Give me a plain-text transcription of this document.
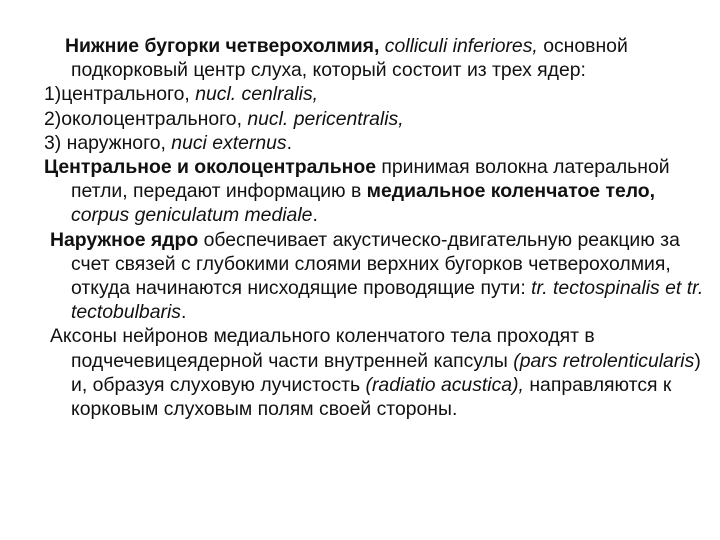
Нижние бугорки четверохолмия, colliculi inferiores, основной подкорковый центр слуха, который состоит из трех ядер:

1)центрального, nucl. cenlralis,

2)околоцентрального, nucl. pericentralis,

3) наружного, nuci externus.

Центральное и околоцентральное принимая волокна латеральной петли, передают информацию в медиальное коленчатое тело, corpus geniculatum mediale.

Наружное ядро обеспечивает акустическо-двигательную реакцию за счет связей с глубокими слоями верхних бугорков четверохолмия, откуда начинаются нисходящие проводящие пути: tr. tectospinalis et tr. tectobulbaris.

Аксоны нейронов медиального коленчатого тела проходят в подчечевицеядерной части внутренней капсулы (pars retrolenticularis) и, образуя слуховую лучистость (radiatio acustica), направляются к корковым слуховым полям своей стороны.
